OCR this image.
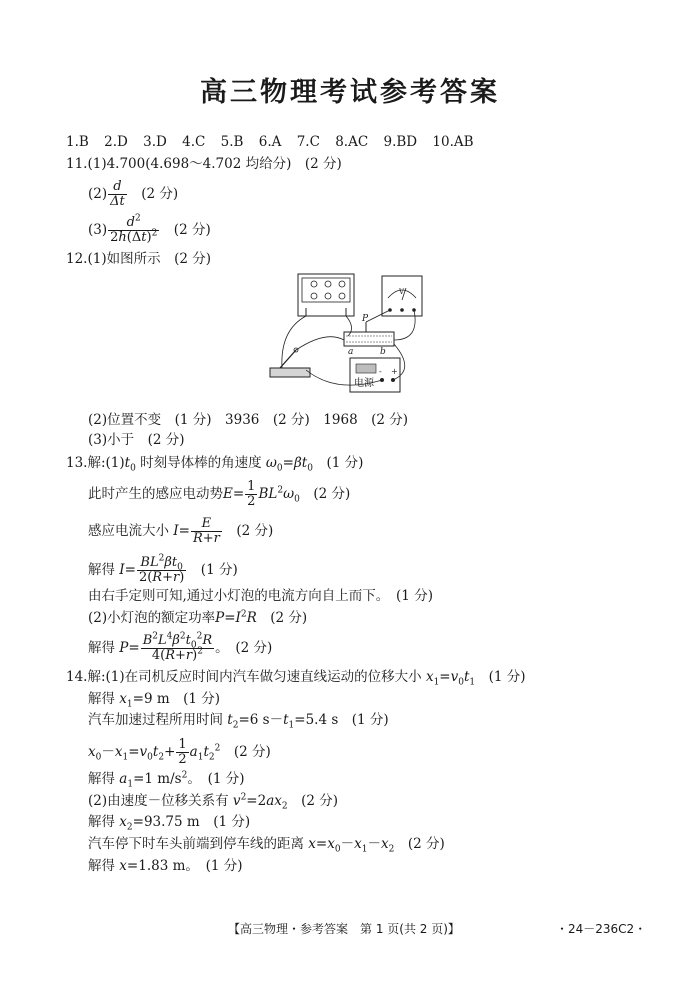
高三物理考试参考答案
1.B 2.D 3.D 4.C 5.B 6.A 7.C 8.AC 9.BD 10.AB
11.(1)4.700(4.698～4.702 均给分)　(2 分)
$(2) \frac{d}{\Delta t}$
　 (2 分)
$(3) \frac{d^2}{2h(\Delta t)^2}$
　 (2 分)
12.(1)如图所示　(2 分)
V
P
a	b
电源
- +
(2)位置不变　(1 分)　3936　(2 分)　1968　(2 分)
(3)小于　(2 分)
13.解$:(1)t_0$ 时刻导体棒的角速度 $\omega_0=\beta t_0$　 (1 分)
此时产生的感应电动势$E= \frac{1}{2} BL^2\omega_0$　 (2 分)
感应电流大小 $I= \frac{E}{R+r}$
　 (2 分)
解得 $I= \frac{BL^2\beta t_0}{2(R+r)}$
　 (1 分)
由右手定则可知,通过小灯泡的电流方向自上而下。　(1 分)
(2)小灯泡的额定功率$P=I^2R$　 (2 分)
解得 $P= \frac{B^2L^4\beta^2t_0^2R}{4(R+r)^2}$ 。　(2 分)
14.解:(1)在司机反应时间内汽车做匀速直线运动的位移大小 $x_1=v_0t_1$　 (1 分)
解得 $x_1=9$ m　(1 分)
汽车加速过程所用时间 $t_2=6$ $s-t_1=5.4$ s　(1 分)
$x_0-x_1=v_0t_2+ \frac{1}{2} a_1t_2^2$　 (2 分)
解得 $a_1=1$ $m/s^2$。　(1 分)
(2)由速度－位移关系有 $v^2=2ax_2$　 (2 分)
解得 $x_2=93.75$ m　(1 分)
汽车停下时车头前端到停车线的距离 $x=x_0-x_1-x_2$　 (2 分)
解得 x=1.83 m。　(1 分)
【高三物理・参考答案　第 1 页(共 2 页)】	・24－236C2・
